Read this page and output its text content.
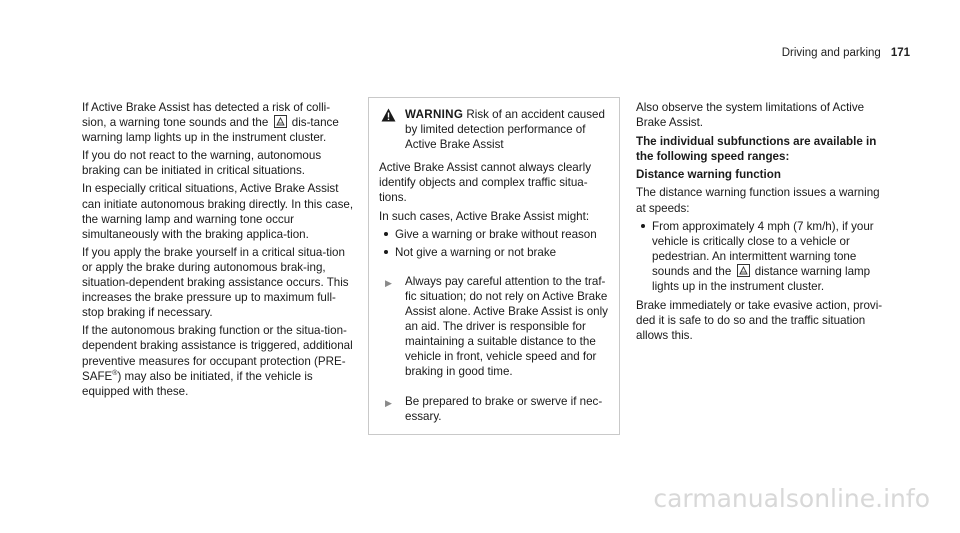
Driving and parking 171

If Active Brake Assist has detected a risk of colli-sion, a warning tone sounds and the dis-tance warning lamp lights up in the instrument cluster.

If you do not react to the warning, autonomous braking can be initiated in critical situations.

In especially critical situations, Active Brake Assist can initiate autonomous braking directly. In this case, the warning lamp and warning tone occur simultaneously with the braking applica-tion.

If you apply the brake yourself in a critical situa-tion or apply the brake during autonomous brak-ing, situation-dependent braking assistance occurs. This increases the brake pressure up to maximum full-stop braking if necessary.

If the autonomous braking function or the situa-tion-dependent braking assistance is triggered, additional preventive measures for occupant protection (PRE-SAFE®) may also be initiated, if the vehicle is equipped with these.

WARNING Risk of an accident caused by limited detection performance of Active Brake Assist

Active Brake Assist cannot always clearly identify objects and complex traffic situa-tions.

In such cases, Active Brake Assist might:

Give a warning or brake without reason
Not give a warning or not brake
▶ Always pay careful attention to the traf-fic situation; do not rely on Active Brake Assist alone. Active Brake Assist is only an aid. The driver is responsible for maintaining a suitable distance to the vehicle in front, vehicle speed and for braking in good time.
▶ Be prepared to brake or swerve if nec-essary.

Also observe the system limitations of Active Brake Assist.

The individual subfunctions are available in the following speed ranges:

Distance warning function

The distance warning function issues a warning at speeds:

From approximately 4 mph (7 km/h), if your vehicle is critically close to a vehicle or pedestrian. An intermittent warning tone sounds and the distance warning lamp lights up in the instrument cluster.

Brake immediately or take evasive action, provi-ded it is safe to do so and the traffic situation allows this.

carmanualsonline.info
